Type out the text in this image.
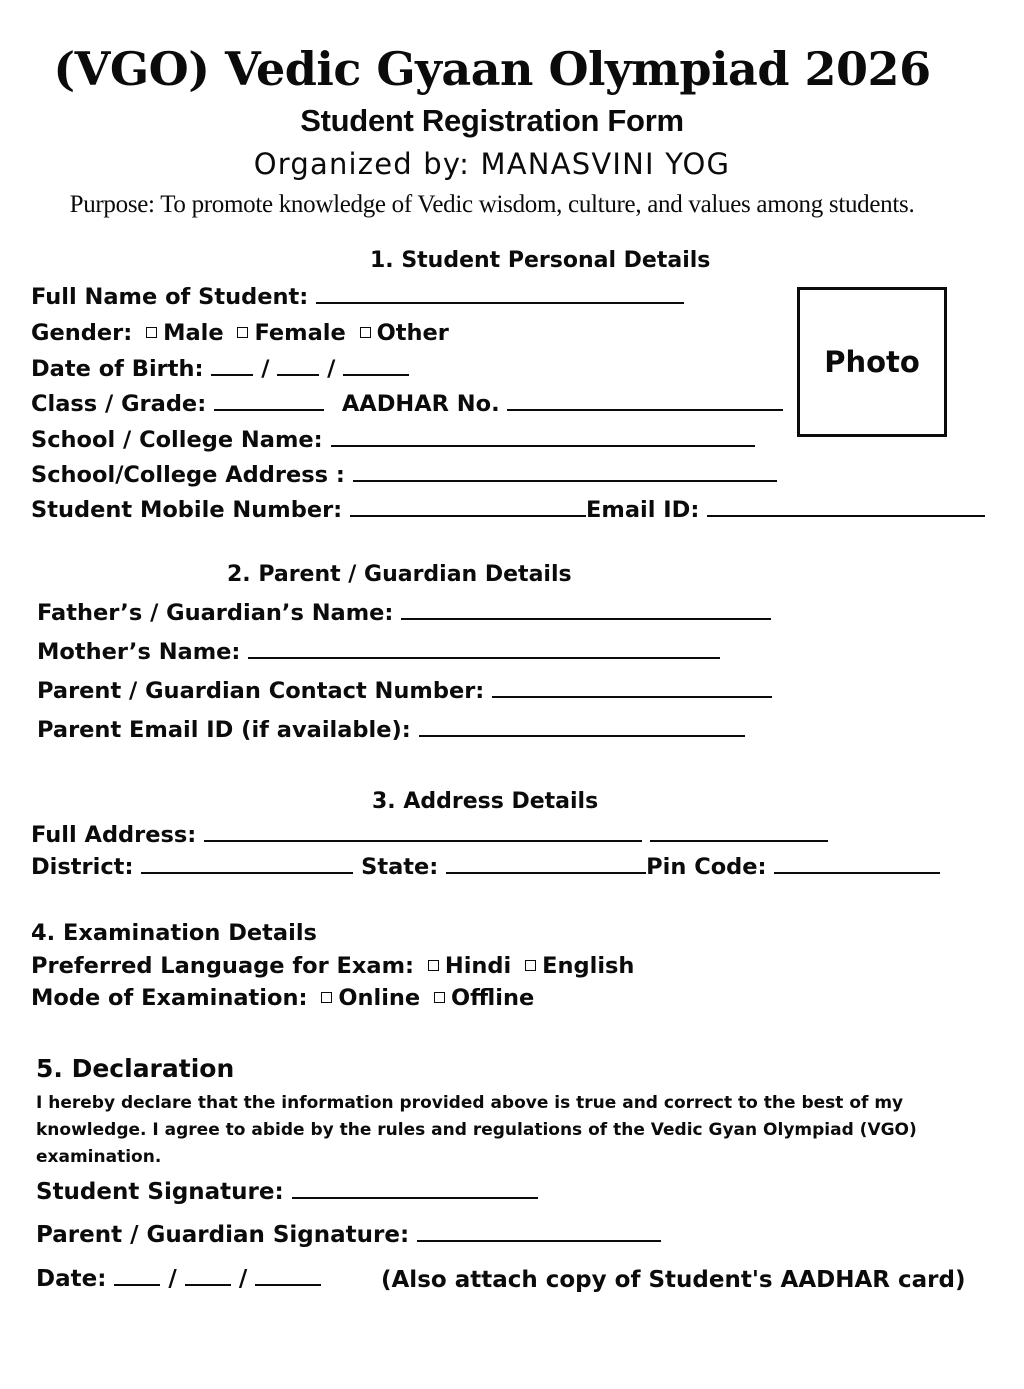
(VGO) Vedic Gyaan Olympiad 2026
Student Registration Form
Organized by: MANASVINI YOG
Purpose: To promote knowledge of Vedic wisdom, culture, and values among students.
1. Student Personal Details
Photo
Full Name of Student:
Gender: Male Female Other
Date of Birth:  /  /
Class / Grade:	AADHAR No.
School / College Name:
School/College Address :
Student Mobile Number:	Email ID:
2. Parent / Guardian Details
Father’s / Guardian’s Name:
Mother’s Name:
Parent / Guardian Contact Number:
Parent Email ID (if available):
3. Address Details
Full Address:
District:	State:	Pin Code:
4. Examination Details
Preferred Language for Exam: Hindi English
Mode of Examination: Online Offline
5. Declaration
I hereby declare that the information provided above is true and correct to the best of my knowledge. I agree to abide by the rules and regulations of the Vedic Gyan Olympiad (VGO) examination.
Student Signature:
Parent / Guardian Signature:
Date:  /  /	(Also attach copy of Student's AADHAR card)
